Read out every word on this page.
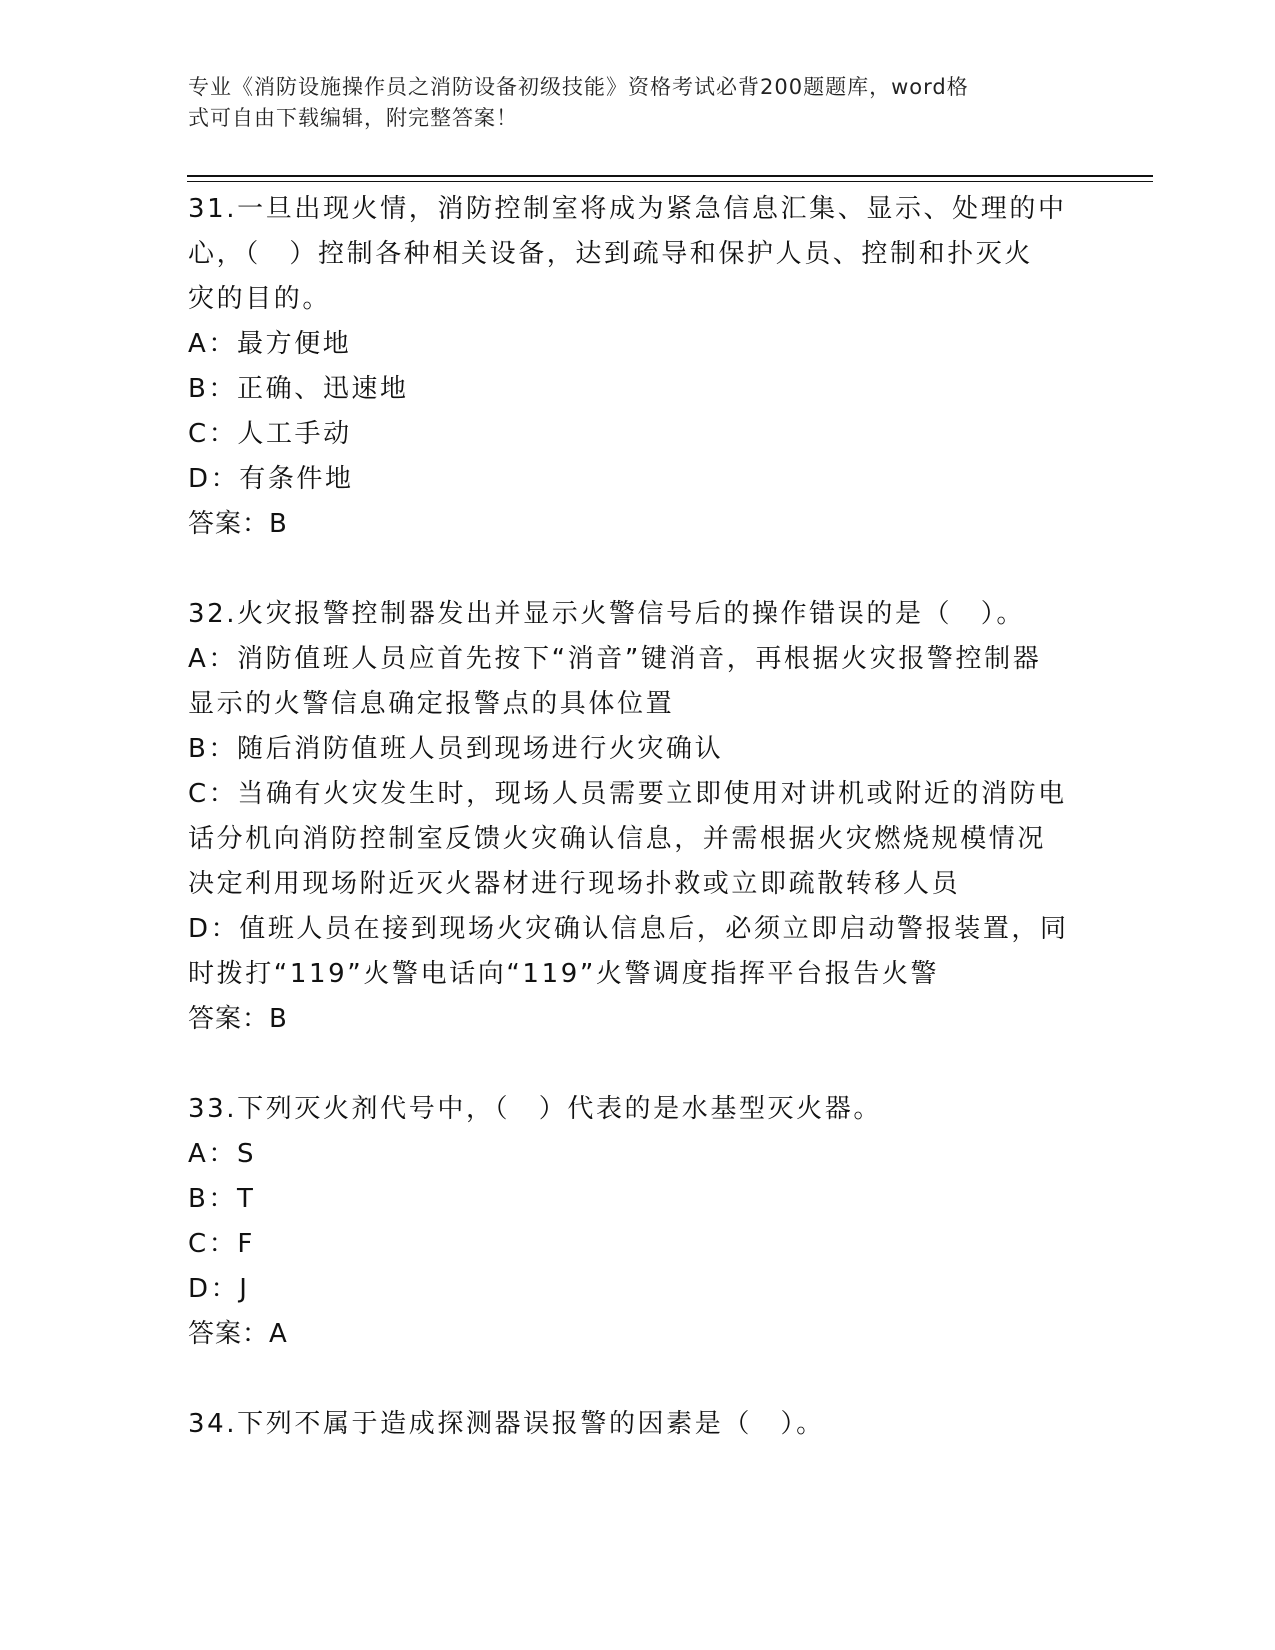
专业《消防设施操作员之消防设备初级技能》资格考试必背200题题库，word格
式可自由下载编辑，附完整答案！
31.一旦出现火情，消防控制室将成为紧急信息汇集、显示、处理的中
心，（　）控制各种相关设备，达到疏导和保护人员、控制和扑灭火
灾的目的。
A：最方便地
B：正确、迅速地
C：人工手动
D：有条件地
答案：B
32.火灾报警控制器发出并显示火警信号后的操作错误的是（　）。
A：消防值班人员应首先按下“消音”键消音，再根据火灾报警控制器
显示的火警信息确定报警点的具体位置
B：随后消防值班人员到现场进行火灾确认
C：当确有火灾发生时，现场人员需要立即使用对讲机或附近的消防电
话分机向消防控制室反馈火灾确认信息，并需根据火灾燃烧规模情况
决定利用现场附近灭火器材进行现场扑救或立即疏散转移人员
D：值班人员在接到现场火灾确认信息后，必须立即启动警报装置，同
时拨打“119”火警电话向“119”火警调度指挥平台报告火警
答案：B
33.下列灭火剂代号中，（　）代表的是水基型灭火器。
A：S
B：T
C：F
D：J
答案：A
34.下列不属于造成探测器误报警的因素是（　）。
